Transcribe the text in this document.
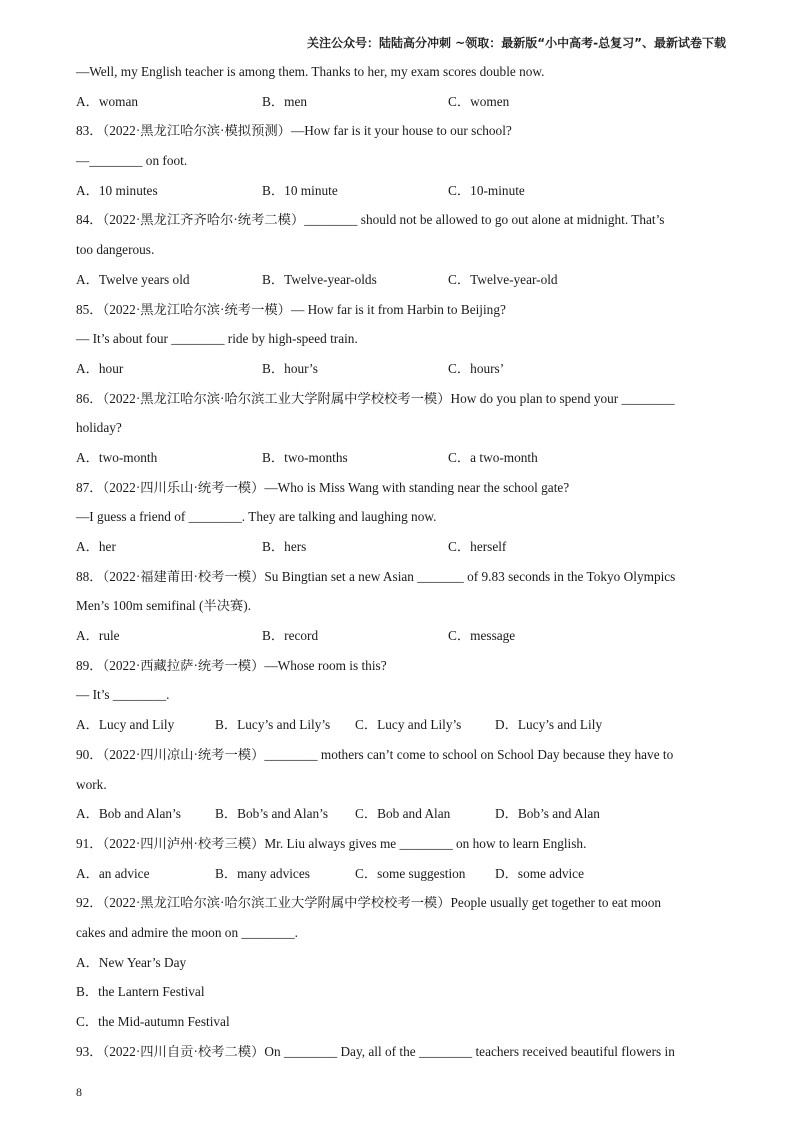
关注公众号：陆陆高分冲刺 ~领取：最新版“小中高考-总复习”、最新试卷下载
—Well, my English teacher is among them. Thanks to her, my exam scores double now.
A．woman	B．men	C．women
83．（2022·黑龙江哈尔滨·模拟预测）—How far is it your house to our school?
—________ on foot.
A．10 minutes	B．10 minute	C．10-minute
84．（2022·黑龙江齐齐哈尔·统考二模）________ should not be allowed to go out alone at midnight. That’s
too dangerous.
A．Twelve years old	B．Twelve-year-olds	C．Twelve-year-old
85．（2022·黑龙江哈尔滨·统考一模）— How far is it from Harbin to Beijing?
— It’s about four ________ ride by high-speed train.
A．hour	B．hour’s	C．hours’
86．（2022·黑龙江哈尔滨·哈尔滨工业大学附属中学校校考一模）How do you plan to spend your ________
holiday?
A．two-month	B．two-months	C．a two-month
87．（2022·四川乐山·统考一模）—Who is Miss Wang with standing near the school gate?
—I guess a friend of ________. They are talking and laughing now.
A．her	B．hers	C．herself
88．（2022·福建莆田·校考一模）Su Bingtian set a new Asian _______ of 9.83 seconds in the Tokyo Olympics
Men’s 100m semifinal (半决赛).
A．rule	B．record	C．message
89．（2022·西藏拉萨·统考一模）—Whose room is this?
— It’s ________.
A．Lucy and Lily	B．Lucy’s and Lily’s C．Lucy and Lily’s	D．Lucy’s and Lily
90．（2022·四川凉山·统考一模）________ mothers can’t come to school on School Day because they have to
work.
A．Bob and Alan’s	B．Bob’s and Alan’s C．Bob and Alan	D．Bob’s and Alan
91．（2022·四川泸州·校考三模）Mr. Liu always gives me ________ on how to learn English.
A．an advice	B．many advices	C．some suggestion D．some advice
92．（2022·黑龙江哈尔滨·哈尔滨工业大学附属中学校校考一模）People usually get together to eat moon
cakes and admire the moon on ________.
A．New Year’s Day
B．the Lantern Festival
C．the Mid-autumn Festival
93．（2022·四川自贡·校考二模）On ________ Day, all of the ________ teachers received beautiful flowers in
8
